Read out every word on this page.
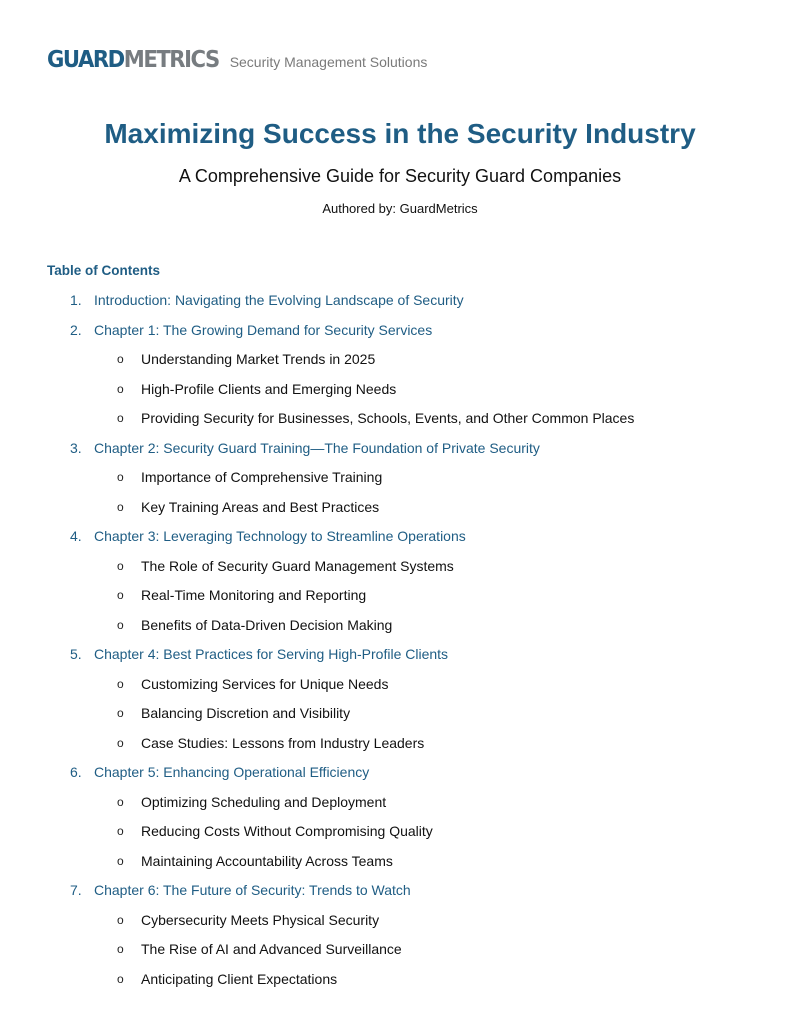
GUARDMETRICS Security Management Solutions
Maximizing Success in the Security Industry
A Comprehensive Guide for Security Guard Companies
Authored by: GuardMetrics
Table of Contents
1. Introduction: Navigating the Evolving Landscape of Security
2. Chapter 1: The Growing Demand for Security Services
o Understanding Market Trends in 2025
o High-Profile Clients and Emerging Needs
o Providing Security for Businesses, Schools, Events, and Other Common Places
3. Chapter 2: Security Guard Training—The Foundation of Private Security
o Importance of Comprehensive Training
o Key Training Areas and Best Practices
4. Chapter 3: Leveraging Technology to Streamline Operations
o The Role of Security Guard Management Systems
o Real-Time Monitoring and Reporting
o Benefits of Data-Driven Decision Making
5. Chapter 4: Best Practices for Serving High-Profile Clients
o Customizing Services for Unique Needs
o Balancing Discretion and Visibility
o Case Studies: Lessons from Industry Leaders
6. Chapter 5: Enhancing Operational Efficiency
o Optimizing Scheduling and Deployment
o Reducing Costs Without Compromising Quality
o Maintaining Accountability Across Teams
7. Chapter 6: The Future of Security: Trends to Watch
o Cybersecurity Meets Physical Security
o The Rise of AI and Advanced Surveillance
o Anticipating Client Expectations
